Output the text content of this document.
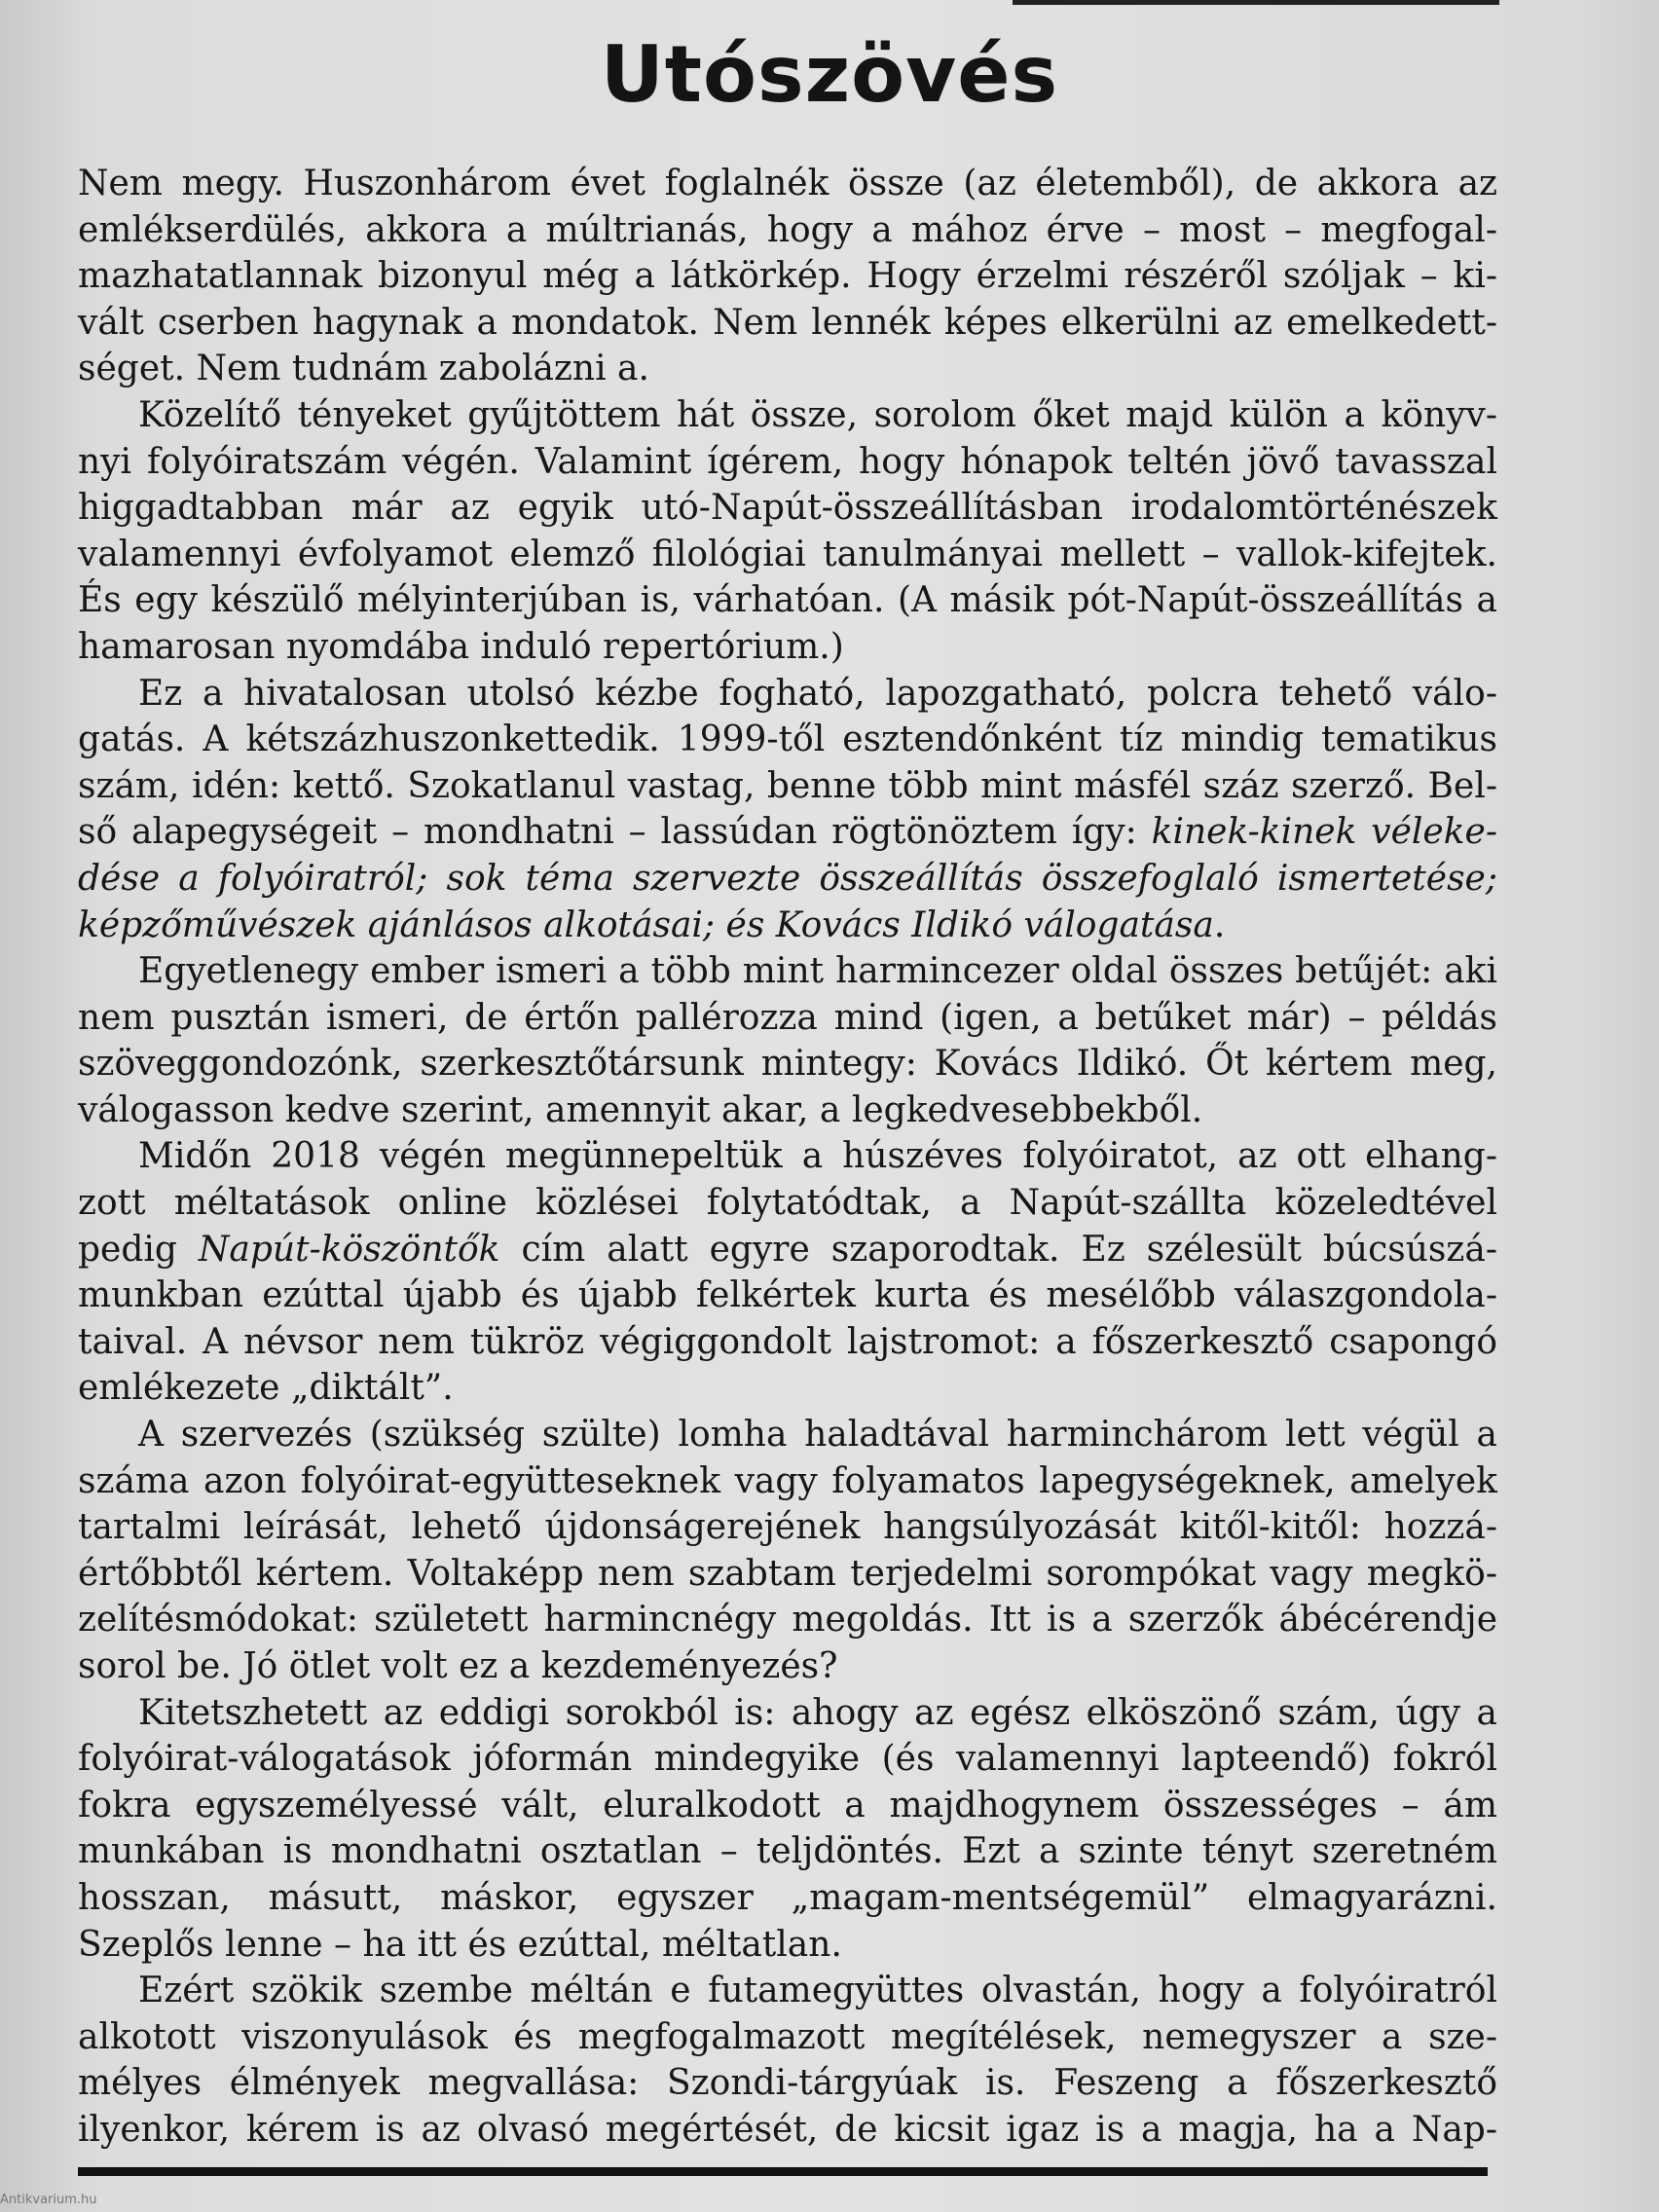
Utószövés
Nem megy. Huszonhárom évet foglalnék össze (az életemből), de akkora az
emlékserdülés, akkora a múltrianás, hogy a mához érve – most – megfogal-
mazhatatlannak bizonyul még a látkörkép. Hogy érzelmi részéről szóljak – ki-
vált cserben hagynak a mondatok. Nem lennék képes elkerülni az emelkedett-
séget. Nem tudnám zabolázni a.
Közelítő tényeket gyűjtöttem hát össze, sorolom őket majd külön a könyv-
nyi folyóiratszám végén. Valamint ígérem, hogy hónapok teltén jövő tavasszal
higgadtabban már az egyik utó-Napút-összeállításban irodalomtörténészek
valamennyi évfolyamot elemző filológiai tanulmányai mellett – vallok-kifejtek.
És egy készülő mélyinterjúban is, várhatóan. (A másik pót-Napút-összeállítás a
hamarosan nyomdába induló repertórium.)
Ez a hivatalosan utolsó kézbe fogható, lapozgatható, polcra tehető válo-
gatás. A kétszázhuszonkettedik. 1999-től esztendőnként tíz mindig tematikus
szám, idén: kettő. Szokatlanul vastag, benne több mint másfél száz szerző. Bel-
ső alapegységeit – mondhatni – lassúdan rögtönöztem így: kinek-kinek véleke-
dése a folyóiratról; sok téma szervezte összeállítás összefoglaló ismertetése;
képzőművészek ajánlásos alkotásai; és Kovács Ildikó válogatása.
Egyetlenegy ember ismeri a több mint harmincezer oldal összes betűjét: aki
nem pusztán ismeri, de értőn pallérozza mind (igen, a betűket már) – példás
szöveggondozónk, szerkesztőtársunk mintegy: Kovács Ildikó. Őt kértem meg,
válogasson kedve szerint, amennyit akar, a legkedvesebbekből.
Midőn 2018 végén megünnepeltük a húszéves folyóiratot, az ott elhang-
zott méltatások online közlései folytatódtak, a Napút-szállta közeledtével
pedig Napút-köszöntők cím alatt egyre szaporodtak. Ez szélesült búcsúszá-
munkban ezúttal újabb és újabb felkértek kurta és mesélőbb válaszgondola-
taival. A névsor nem tükröz végiggondolt lajstromot: a főszerkesztő csapongó
emlékezete „diktált”.
A szervezés (szükség szülte) lomha haladtával harminchárom lett végül a
száma azon folyóirat-együtteseknek vagy folyamatos lapegységeknek, amelyek
tartalmi leírását, lehető újdonságerejének hangsúlyozását kitől-kitől: hozzá-
értőbbtől kértem. Voltaképp nem szabtam terjedelmi sorompókat vagy megkö-
zelítésmódokat: született harmincnégy megoldás. Itt is a szerzők ábécérendje
sorol be. Jó ötlet volt ez a kezdeményezés?
Kitetszhetett az eddigi sorokból is: ahogy az egész elköszönő szám, úgy a
folyóirat-válogatások jóformán mindegyike (és valamennyi lapteendő) fokról
fokra egyszemélyessé vált, eluralkodott a majdhogynem összességes – ám
munkában is mondhatni osztatlan – teljdöntés. Ezt a szinte tényt szeretném
hosszan, másutt, máskor, egyszer „magam-mentségemül” elmagyarázni.
Szeplős lenne – ha itt és ezúttal, méltatlan.
Ezért szökik szembe méltán e futamegyüttes olvastán, hogy a folyóiratról
alkotott viszonyulások és megfogalmazott megítélések, nemegyszer a sze-
mélyes élmények megvallása: Szondi-tárgyúak is. Feszeng a főszerkesztő
ilyenkor, kérem is az olvasó megértését, de kicsit igaz is a magja, ha a Nap-
Antikvarium.hu
